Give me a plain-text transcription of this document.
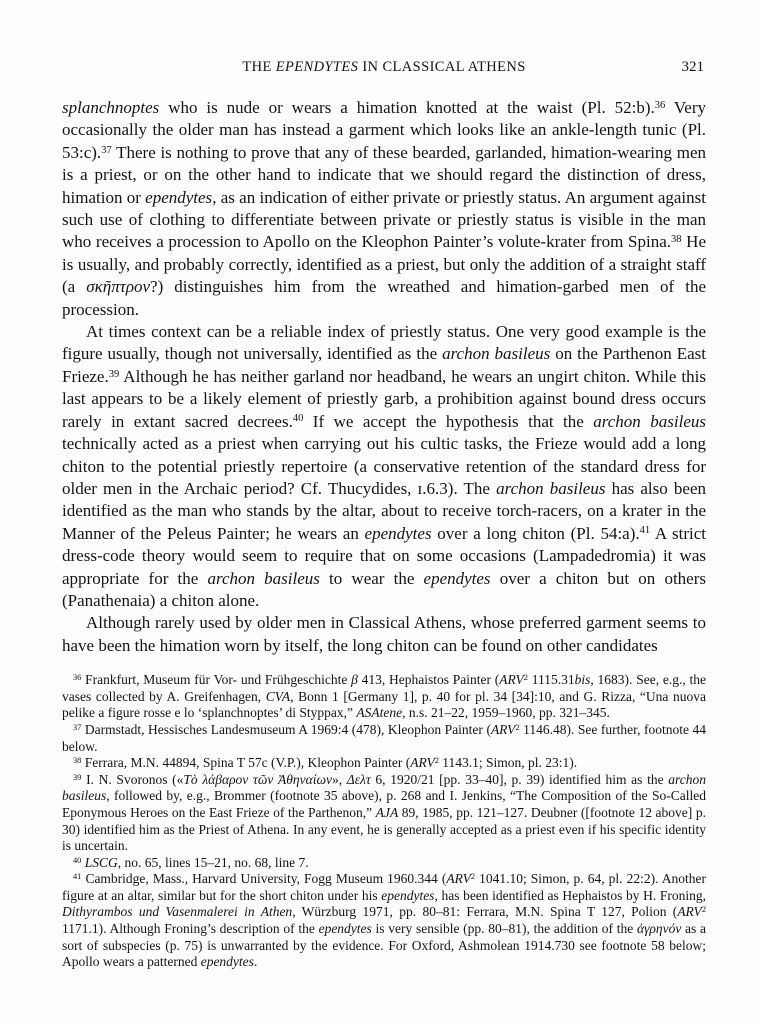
THE EPENDYTES IN CLASSICAL ATHENS	321

splanchnoptes who is nude or wears a himation knotted at the waist (Pl. 52:b).$^{36}$ Very occasionally the older man has instead a garment which looks like an ankle-length tunic (Pl. 53:c).$^{37}$ There is nothing to prove that any of these bearded, garlanded, himation-wearing men is a priest, or on the other hand to indicate that we should regard the distinction of dress, himation or ependytes, as an indication of either private or priestly status. An argument against such use of clothing to differentiate between private or priestly status is visible in the man who receives a procession to Apollo on the Kleophon Painter’s volute-krater from Spina.$^{38}$ He is usually, and probably correctly, identified as a priest, but only the addition of a straight staff (a σκῆπτρον?) distinguishes him from the wreathed and himation-garbed men of the procession.

At times context can be a reliable index of priestly status. One very good example is the figure usually, though not universally, identified as the archon basileus on the Parthenon East Frieze.$^{39}$ Although he has neither garland nor headband, he wears an ungirt chiton. While this last appears to be a likely element of priestly garb, a prohibition against bound dress occurs rarely in extant sacred decrees.$^{40}$ If we accept the hypothesis that the archon basileus technically acted as a priest when carrying out his cultic tasks, the Frieze would add a long chiton to the potential priestly repertoire (a conservative retention of the standard dress for older men in the Archaic period? Cf. Thucydides, ɪ.6.3). The archon basileus has also been identified as the man who stands by the altar, about to receive torch-racers, on a krater in the Manner of the Peleus Painter; he wears an ependytes over a long chiton (Pl. 54:a).$^{41}$ A strict dress-code theory would seem to require that on some occasions (Lampadedromia) it was appropriate for the archon basileus to wear the ependytes over a chiton but on others (Panathenaia) a chiton alone.

Although rarely used by older men in Classical Athens, whose preferred garment seems to have been the himation worn by itself, the long chiton can be found on other candidates

$^{36}$ Frankfurt, Museum für Vor- und Frühgeschichte β 413, Hephaistos Painter (ARV$^2$ 1115.31bis, 1683). See, e.g., the vases collected by A. Greifenhagen, CVA, Bonn 1 [Germany 1], p. 40 for pl. 34 [34]:10, and G. Rizza, “Una nuova pelike a figure rosse e lo ‘splanchnoptes’ di Styppax,” ASAtene, n.s. 21–22, 1959–1960, pp. 321–345.

$^{37}$ Darmstadt, Hessisches Landesmuseum A 1969:4 (478), Kleophon Painter (ARV$^2$ 1146.48). See further, footnote 44 below.

$^{38}$ Ferrara, M.N. 44894, Spina T 57c (V.P.), Kleophon Painter (ARV$^2$ 1143.1; Simon, pl. 23:1).

$^{39}$ I. N. Svoronos («Τὸ λάβαρον τῶν Ἀθηναίων», Δελτ 6, 1920/21 [pp. 33–40], p. 39) identified him as the archon basileus, followed by, e.g., Brommer (footnote 35 above), p. 268 and I. Jenkins, “The Composition of the So-Called Eponymous Heroes on the East Frieze of the Parthenon,” AJA 89, 1985, pp. 121–127. Deubner ([footnote 12 above] p. 30) identified him as the Priest of Athena. In any event, he is generally accepted as a priest even if his specific identity is uncertain.

$^{40}$ LSCG, no. 65, lines 15–21, no. 68, line 7.

$^{41}$ Cambridge, Mass., Harvard University, Fogg Museum 1960.344 (ARV$^2$ 1041.10; Simon, p. 64, pl. 22:2). Another figure at an altar, similar but for the short chiton under his ependytes, has been identified as Hephaistos by H. Froning, Dithyrambos und Vasenmalerei in Athen, Würzburg 1971, pp. 80–81: Ferrara, M.N. Spina T 127, Polion (ARV$^2$ 1171.1). Although Froning’s description of the ependytes is very sensible (pp. 80–81), the addition of the ἀγρηνόν as a sort of subspecies (p. 75) is unwarranted by the evidence. For Oxford, Ashmolean 1914.730 see footnote 58 below; Apollo wears a patterned ependytes.
